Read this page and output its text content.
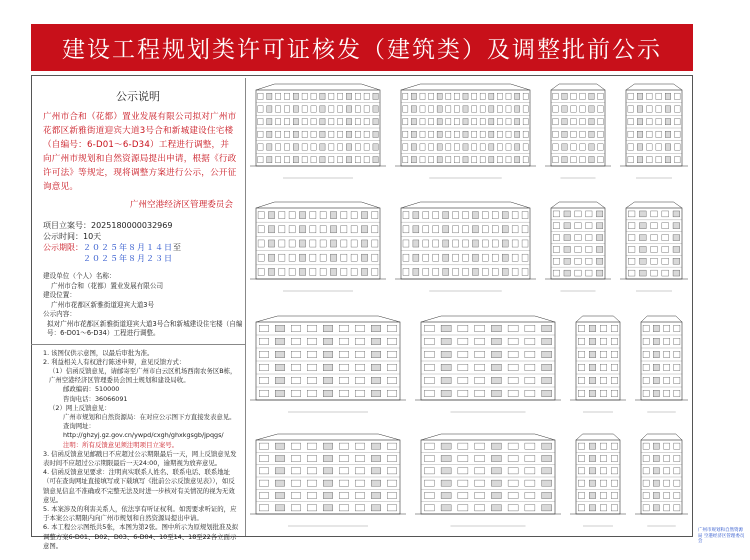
建设工程规划类许可证核发（建筑类）及调整批前公示
公示说明
广州市合和（花都）置业发展有限公司拟对广州市花都区新雅街道迎宾大道3号合和新城建设住宅楼（自编号：6-D01～6-D34）工程进行调整，并向广州市规划和自然资源局提出申请，根据《行政许可法》等规定，现将调整方案进行公示，公开征询意见。
广州空港经济区管理委员会
项目立案号：2025180000032969
公示时间：10天
公示期限：２０２５年８月１４日至
２０２５年８月２３日
建设单位（个人）名称：
广州市合和（花都）置业发展有限公司
建设位置：
广州市花都区新雅街道迎宾大道3号
公示内容：
拟对广州市花都区新雅街道迎宾大道3号合和新城建设住宅楼（自编号：6-D01～6-D34）工程进行调整。
1. 该图仅供示意图，以最后审批为准。
2. 利益相关人有权进行陈述申辩，意见反馈方式：
（1）信函反馈意见，请邮寄至广州市白云区机场西南农务区B栋，广州空港经济区管理委员会国土规划和建设局收。
邮政编码：510000
咨询电话：36066091
（2）网上反馈意见：
广州市规划和自然资源局：在对应公示图下方直接发表意见。
查询网址：
http://ghzyj.gz.gov.cn/ywpd/cxgh/ghxkgsgb/jpqgs/
注明：所有反馈意见须注明项目立案号。
3. 信函反馈意见邮戳日不应超过公示期限最后一天，网上反馈意见发表时间不应超过公示期限最后一天24:00，逾期视为放弃意见。
4. 信函反馈意见要求：注明真实联系人姓名、联系电话、联系地址（可在查询网址直接填写或下载填写《批前公示反馈意见表》），如反馈意见信息不准确或不完整无法及时进一步核对有关情况的视为无效意见。
5. 本案涉及的利害关系人，依法享有听证权利。如需要求听证的，应于本案公示期限内向广州市规划和自然资源局提出申请。
6. 本工程公示图纸共5张，本图为第2张。图中所示为原规划批准及拟调整方案6-D01、D02、D03、6-D04、10至14、18至22各立面示意图。
广州市规划和自然资源局 空港经济区管理委员会
